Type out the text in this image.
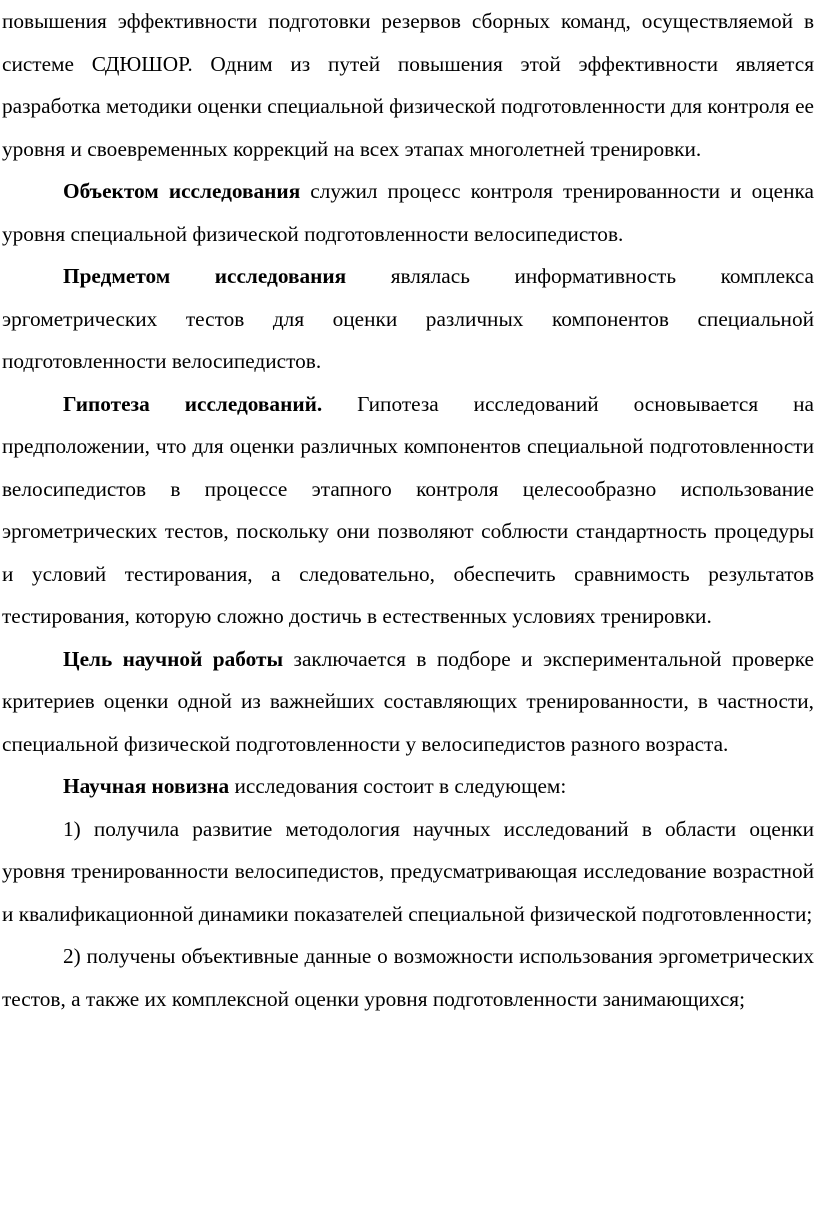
повышения эффективности подготовки резервов сборных команд, осуществляемой в системе СДЮШОР. Одним из путей повышения этой эффективности является разработка методики оценки специальной физической подготовленности для контроля ее уровня и своевременных коррекций на всех этапах многолетней тренировки.

Объектом исследования служил процесс контроля тренированности и оценка уровня специальной физической подготовленности велосипедистов.

Предметом исследования являлась информативность комплекса эргометрических тестов для оценки различных компонентов специальной подготовленности велосипедистов.

Гипотеза исследований. Гипотеза исследований основывается на предположении, что для оценки различных компонентов специальной подготовленности велосипедистов в процессе этапного контроля целесообразно использование эргометрических тестов, поскольку они позволяют соблюсти стандартность процедуры и условий тестирования, а следовательно, обеспечить сравнимость результатов тестирования, которую сложно достичь в естественных условиях тренировки.

Цель научной работы заключается в подборе и экспериментальной проверке критериев оценки одной из важнейших составляющих тренированности, в частности, специальной физической подготовленности у велосипедистов разного возраста.

Научная новизна исследования состоит в следующем:

1) получила развитие методология научных исследований в области оценки уровня тренированности велосипедистов, предусматривающая исследование возрастной и квалификационной динамики показателей специальной физической подготовленности;

2) получены объективные данные о возможности использования эргометрических тестов, а также их комплексной оценки уровня подготовленности занимающихся;
